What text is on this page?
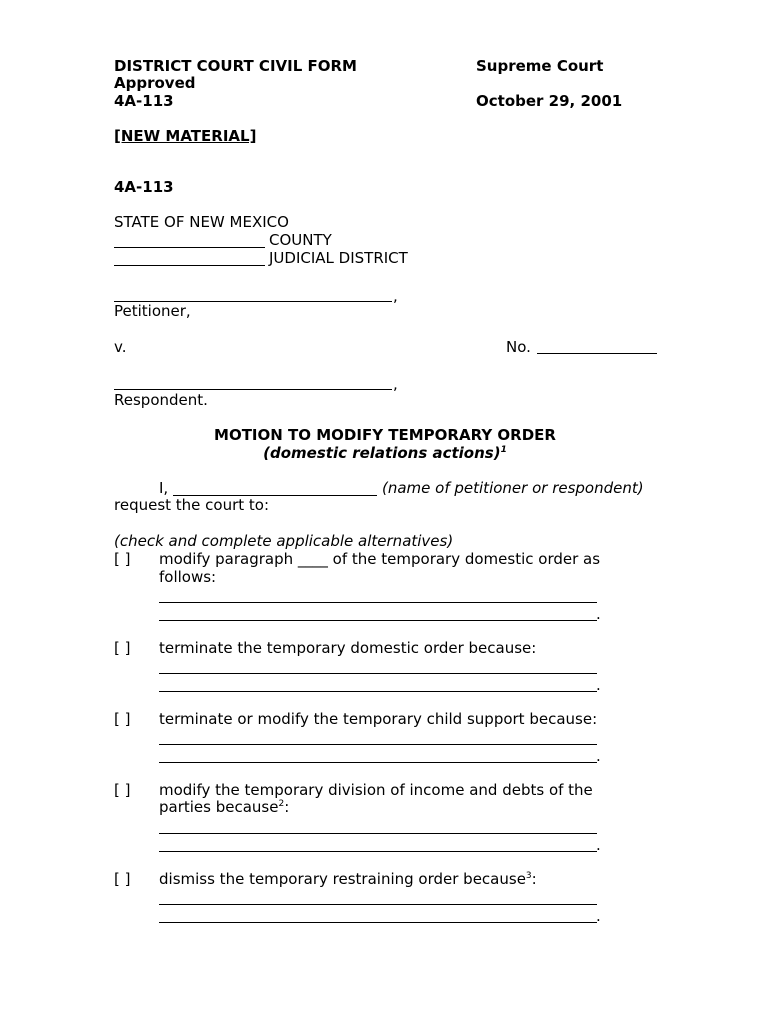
DISTRICT COURT CIVIL FORM
Approved
4A-113
Supreme Court
October 29, 2001
[NEW MATERIAL]
4A-113
STATE OF NEW MEXICO
COUNTY
JUDICIAL DISTRICT
,
Petitioner,
v.	No.
,
Respondent.
MOTION TO MODIFY TEMPORARY ORDER
(domestic relations actions)$^1$
I,	(name of petitioner or respondent)
request the court to:
(check and complete applicable alternatives)
[ ] modify paragraph ____ of the temporary domestic order as
follows:
.
[ ] terminate the temporary domestic order because:
.
[ ] terminate or modify the temporary child support because:
.
[ ] modify the temporary division of income and debts of the
parties because$^2$:
.
[ ] dismiss the temporary restraining order because$^3$:
.
